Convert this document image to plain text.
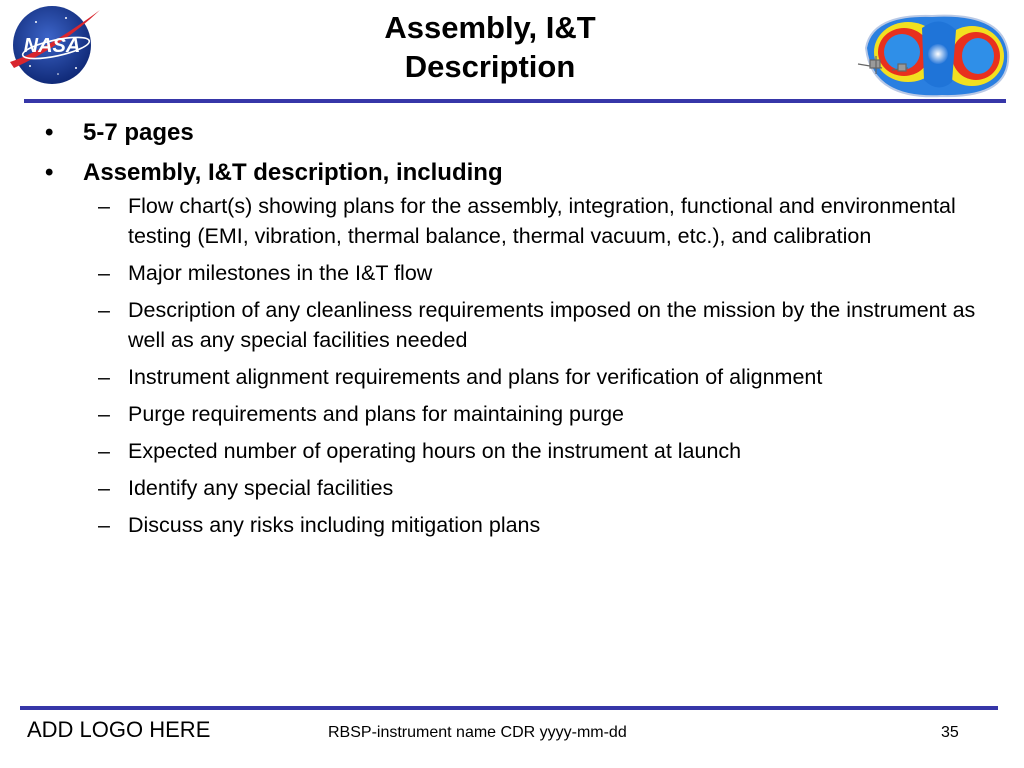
NASA
Assembly, I&T
Description
• 5-7 pages
• Assembly, I&T description, including
– Flow chart(s) showing plans for the assembly, integration, functional and environmental testing (EMI, vibration, thermal balance, thermal vacuum, etc.), and calibration
– Major milestones in the I&T flow
– Description of any cleanliness requirements imposed on the mission by the instrument as well as any special facilities needed
– Instrument alignment requirements and plans for verification of alignment
– Purge requirements and plans for maintaining purge
– Expected number of operating hours on the instrument at launch
– Identify any special facilities
– Discuss any risks including mitigation plans
ADD LOGO HERE	RBSP-instrument name CDR yyyy-mm-dd	35
